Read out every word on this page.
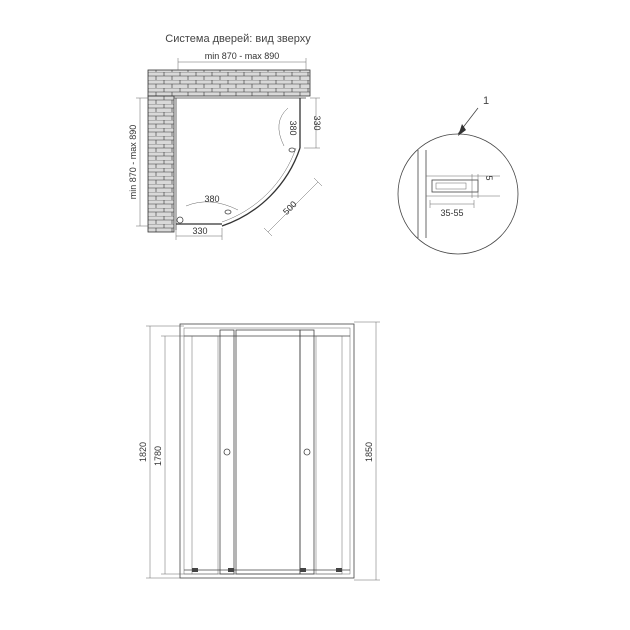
Система дверей: вид зверху
min 870 - max 890
min 870 - max 890
330
330
380
380
500
1
5
35-55
1820 1780	1850
